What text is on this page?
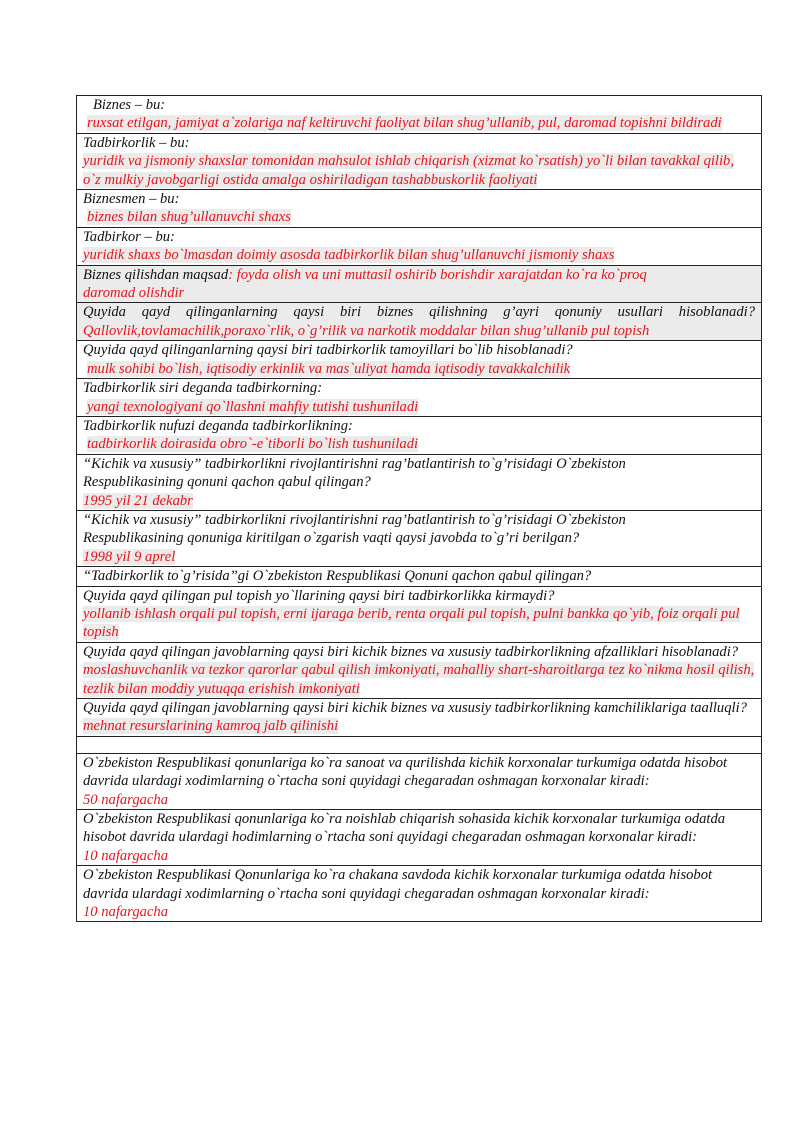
Biznes – bu:
ruxsat etilgan, jamiyat a`zolariga naf keltiruvchi faoliyat bilan shug’ullanib, pul, daromad topishni bildiradi

Tadbirkorlik – bu:
yuridik va jismoniy shaxslar tomonidan mahsulot ishlab chiqarish (xizmat ko`rsatish) yo`li bilan tavakkal qilib, o`z mulkiy javobgarligi ostida amalga oshiriladigan tashabbuskorlik faoliyati

Biznesmen – bu:
biznes bilan shug’ullanuvchi shaxs

Tadbirkor – bu:
yuridik shaxs bo`lmasdan doimiy asosda tadbirkorlik bilan shug’ullanuvchi jismoniy shaxs

Biznes qilishdan maqsad: foyda olish va uni muttasil oshirib borishdir xarajatdan ko`ra ko`proq daromad olishdir

Quyida qayd qilinganlarning qaysi biri biznes qilishning g’ayri qonuniy usullari hisoblanadi?
Qallovlik,tovlamachilik,poraxo`rlik, o`g’rilik va narkotik moddalar bilan shug’ullanib pul topish

Quyida qayd qilinganlarning qaysi biri tadbirkorlik tamoyillari bo`lib hisoblanadi?
mulk sohibi bo`lish, iqtisodiy erkinlik va mas`uliyat hamda iqtisodiy tavakkalchilik

Tadbirkorlik siri deganda tadbirkorning:
yangi texnologiyani qo`llashni mahfiy tutishi tushuniladi

Tadbirkorlik nufuzi deganda tadbirkorlikning:
tadbirkorlik doirasida obro`-e`tiborli bo`lish tushuniladi

“Kichik va xususiy” tadbirkorlikni rivojlantirishni rag’batlantirish to`g’risidagi O`zbekiston Respublikasining qonuni qachon qabul qilingan?
1995 yil 21 dekabr

“Kichik va xususiy” tadbirkorlikni rivojlantirishni rag’batlantirish to`g’risidagi O`zbekiston Respublikasining qonuniga kiritilgan o`zgarish vaqti qaysi javobda to`g’ri berilgan?
1998 yil 9 aprel

“Tadbirkorlik to`g’risida”gi O`zbekiston Respublikasi Qonuni qachon qabul qilingan?

Quyida qayd qilingan pul topish yo`llarining qaysi biri tadbirkorlikka kirmaydi?
yollanib ishlash orqali pul topish, erni ijaraga berib, renta orqali pul topish, pulni bankka qo`yib, foiz orqali pul topish

Quyida qayd qilingan javoblarning qaysi biri kichik biznes va xususiy tadbirkorlikning afzalliklari hisoblanadi?
moslashuvchanlik va tezkor qarorlar qabul qilish imkoniyati, mahalliy shart-sharoitlarga tez ko`nikma hosil qilish, tezlik bilan moddiy yutuqqa erishish imkoniyati

Quyida qayd qilingan javoblarning qaysi biri kichik biznes va xususiy tadbirkorlikning kamchiliklariga taalluqli?
mehnat resurslarining kamroq jalb qilinishi

O`zbekiston Respublikasi qonunlariga ko`ra sanoat va qurilishda kichik korxonalar turkumiga odatda hisobot davrida ulardagi xodimlarning o`rtacha soni quyidagi chegaradan oshmagan korxonalar kiradi:
50 nafargacha

O`zbekiston Respublikasi qonunlariga ko`ra noishlab chiqarish sohasida kichik korxonalar turkumiga odatda hisobot davrida ulardagi hodimlarning o`rtacha soni quyidagi chegaradan oshmagan korxonalar kiradi:
10 nafargacha

O`zbekiston Respublikasi Qonunlariga ko`ra chakana savdoda kichik korxonalar turkumiga odatda hisobot davrida ulardagi xodimlarning o`rtacha soni quyidagi chegaradan oshmagan korxonalar kiradi:
10 nafargacha
